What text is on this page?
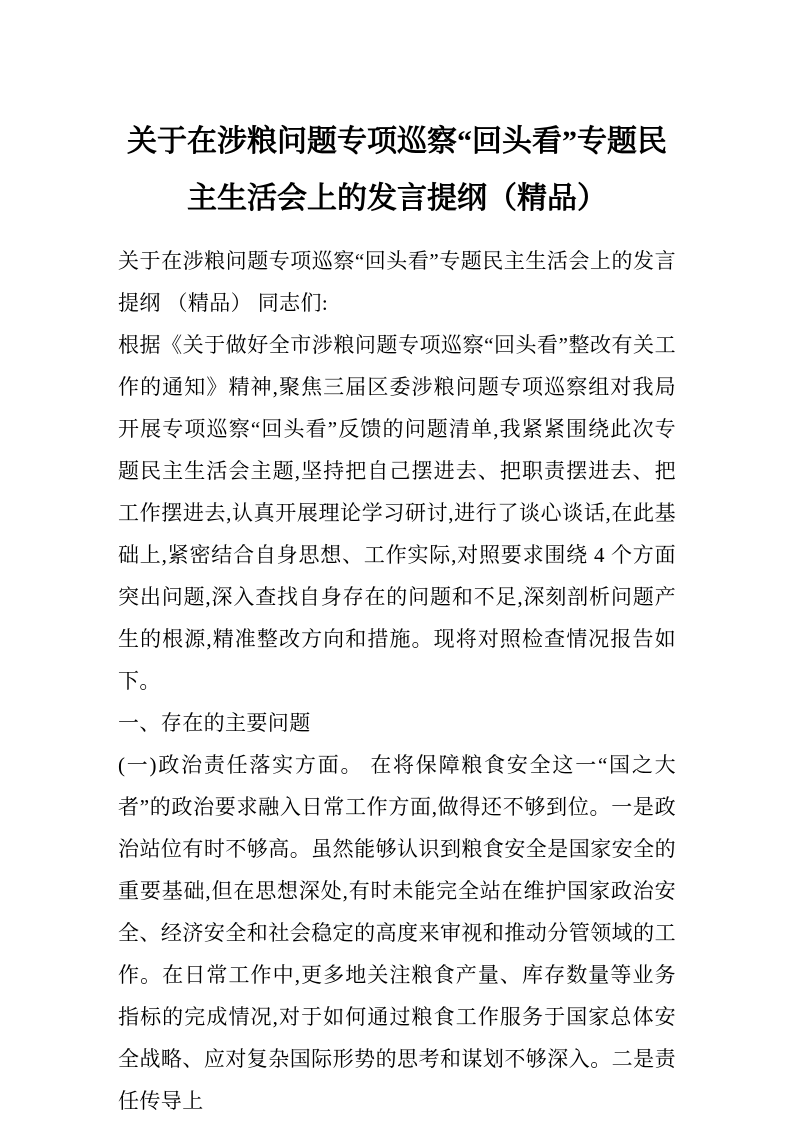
关于在涉粮问题专项巡察“回头看”专题民
主生活会上的发言提纲（精品）

关于在涉粮问题专项巡察“回头看”专题民主生活会上的发言提纲 （精品） 同志们:

根据《关于做好全市涉粮问题专项巡察“回头看”整改有关工作的通知》精神,聚焦三届区委涉粮问题专项巡察组对我局开展专项巡察“回头看”反馈的问题清单,我紧紧围绕此次专题民主生活会主题,坚持把自己摆进去、把职责摆进去、把工作摆进去,认真开展理论学习研讨,进行了谈心谈话,在此基础上,紧密结合自身思想、工作实际,对照要求围绕 4 个方面突出问题,深入查找自身存在的问题和不足,深刻剖析问题产生的根源,精准整改方向和措施。现将对照检查情况报告如下。

一、存在的主要问题

(一)政治责任落实方面。 在将保障粮食安全这一“国之大者”的政治要求融入日常工作方面,做得还不够到位。一是政治站位有时不够高。虽然能够认识到粮食安全是国家安全的重要基础,但在思想深处,有时未能完全站在维护国家政治安全、经济安全和社会稳定的高度来审视和推动分管领域的工作。在日常工作中,更多地关注粮食产量、库存数量等业务指标的完成情况,对于如何通过粮食工作服务于国家总体安全战略、应对复杂国际形势的思考和谋划不够深入。二是责任传导上
